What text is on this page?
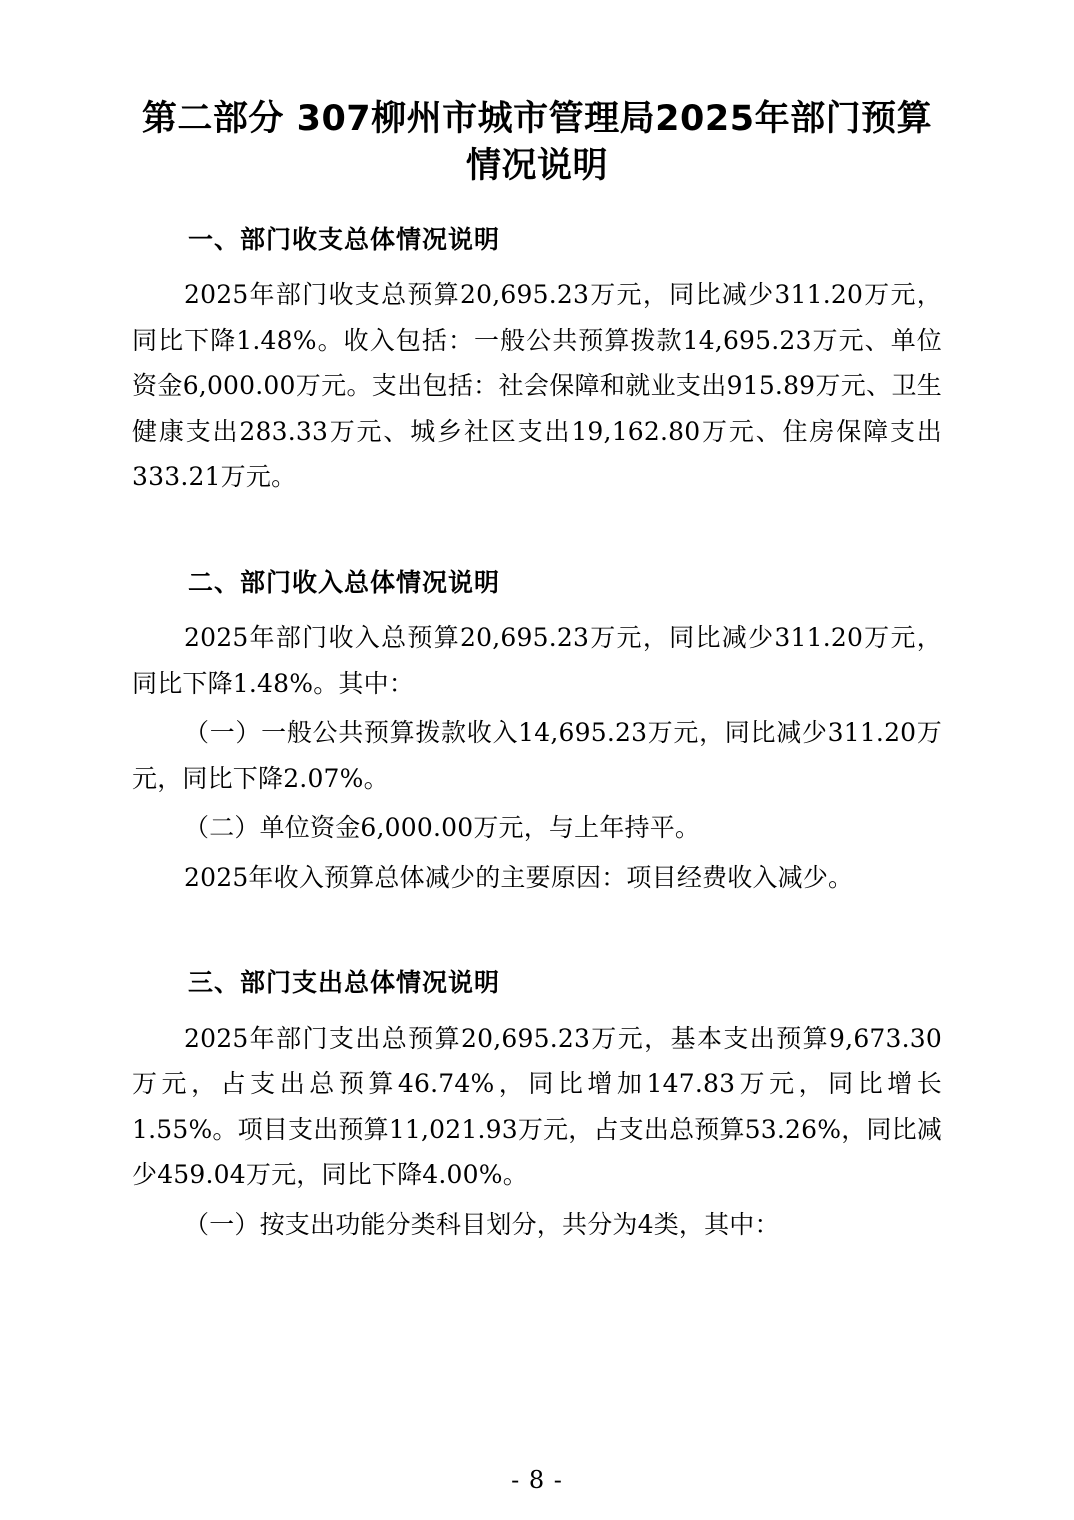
第二部分 307柳州市城市管理局2025年部门预算情况说明
一、部门收支总体情况说明

2025年部门收支总预算20,695.23万元，同比减少311.20万元，同比下降1.48%。收入包括：一般公共预算拨款14,695.23万元、单位资金6,000.00万元。支出包括：社会保障和就业支出915.89万元、卫生健康支出283.33万元、城乡社区支出19,162.80万元、住房保障支出333.21万元。

二、部门收入总体情况说明

2025年部门收入总预算20,695.23万元，同比减少311.20万元，同比下降1.48%。其中：

（一）一般公共预算拨款收入14,695.23万元，同比减少311.20万元，同比下降2.07%。

（二）单位资金6,000.00万元，与上年持平。

2025年收入预算总体减少的主要原因：项目经费收入减少。

三、部门支出总体情况说明

2025年部门支出总预算20,695.23万元，基本支出预算9,673.30万元，占支出总预算46.74%，同比增加147.83万元，同比增长1.55%。项目支出预算11,021.93万元，占支出总预算53.26%，同比减少459.04万元，同比下降4.00%。

（一）按支出功能分类科目划分，共分为4类，其中：

- 8 -
